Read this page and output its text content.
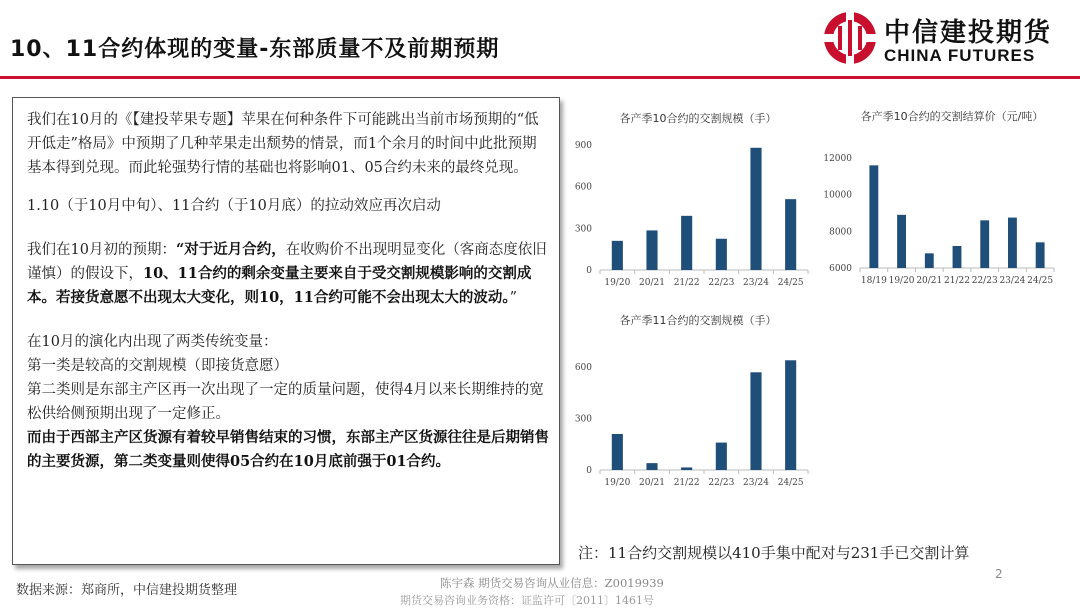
10、11合约体现的变量-东部质量不及前期预期
中信建投期货
CHINA FUTURES
我们在10月的《【建投苹果专题】苹果在何种条件下可能跳出当前市场预期的“低开低走”格局》中预期了几种苹果走出颓势的情景，而1个余月的时间中此批预期基本得到兑现。而此轮强势行情的基础也将影响01、05合约未来的最终兑现。
1.10（于10月中旬）、11合约（于10月底）的拉动效应再次启动
我们在10月初的预期：“对于近月合约，在收购价不出现明显变化（客商态度依旧谨慎）的假设下，10、11合约的剩余变量主要来自于受交割规模影响的交割成本。若接货意愿不出现太大变化，则10，11合约可能不会出现太大的波动。”
在10月的演化内出现了两类传统变量：
第一类是较高的交割规模（即接货意愿）
第二类则是东部主产区再一次出现了一定的质量问题，使得4月以来长期维持的宽松供给侧预期出现了一定修正。
而由于西部主产区货源有着较早销售结束的习惯，东部主产区货源往往是后期销售的主要货源，第二类变量则使得05合约在10月底前强于01合约。
各产季10合约的交割规模（手）
0
300
600
900
19/20 20/21 21/22 22/23 23/24 24/25
各产季10合约的交割结算价（元/吨）
6000
8000
10000
12000
18/19 19/20 20/21 21/22 22/23 23/24 24/25
各产季11合约的交割规模（手）
0
300
600
19/20 20/21 21/22 22/23 23/24 24/25
注：11合约交割规模以410手集中配对与231手已交割计算
数据来源：郑商所，中信建投期货整理	陈宇森 期货交易咨询从业信息：Z0019939
期货交易咨询业务资格：证监许可〔2011〕1461号
2
